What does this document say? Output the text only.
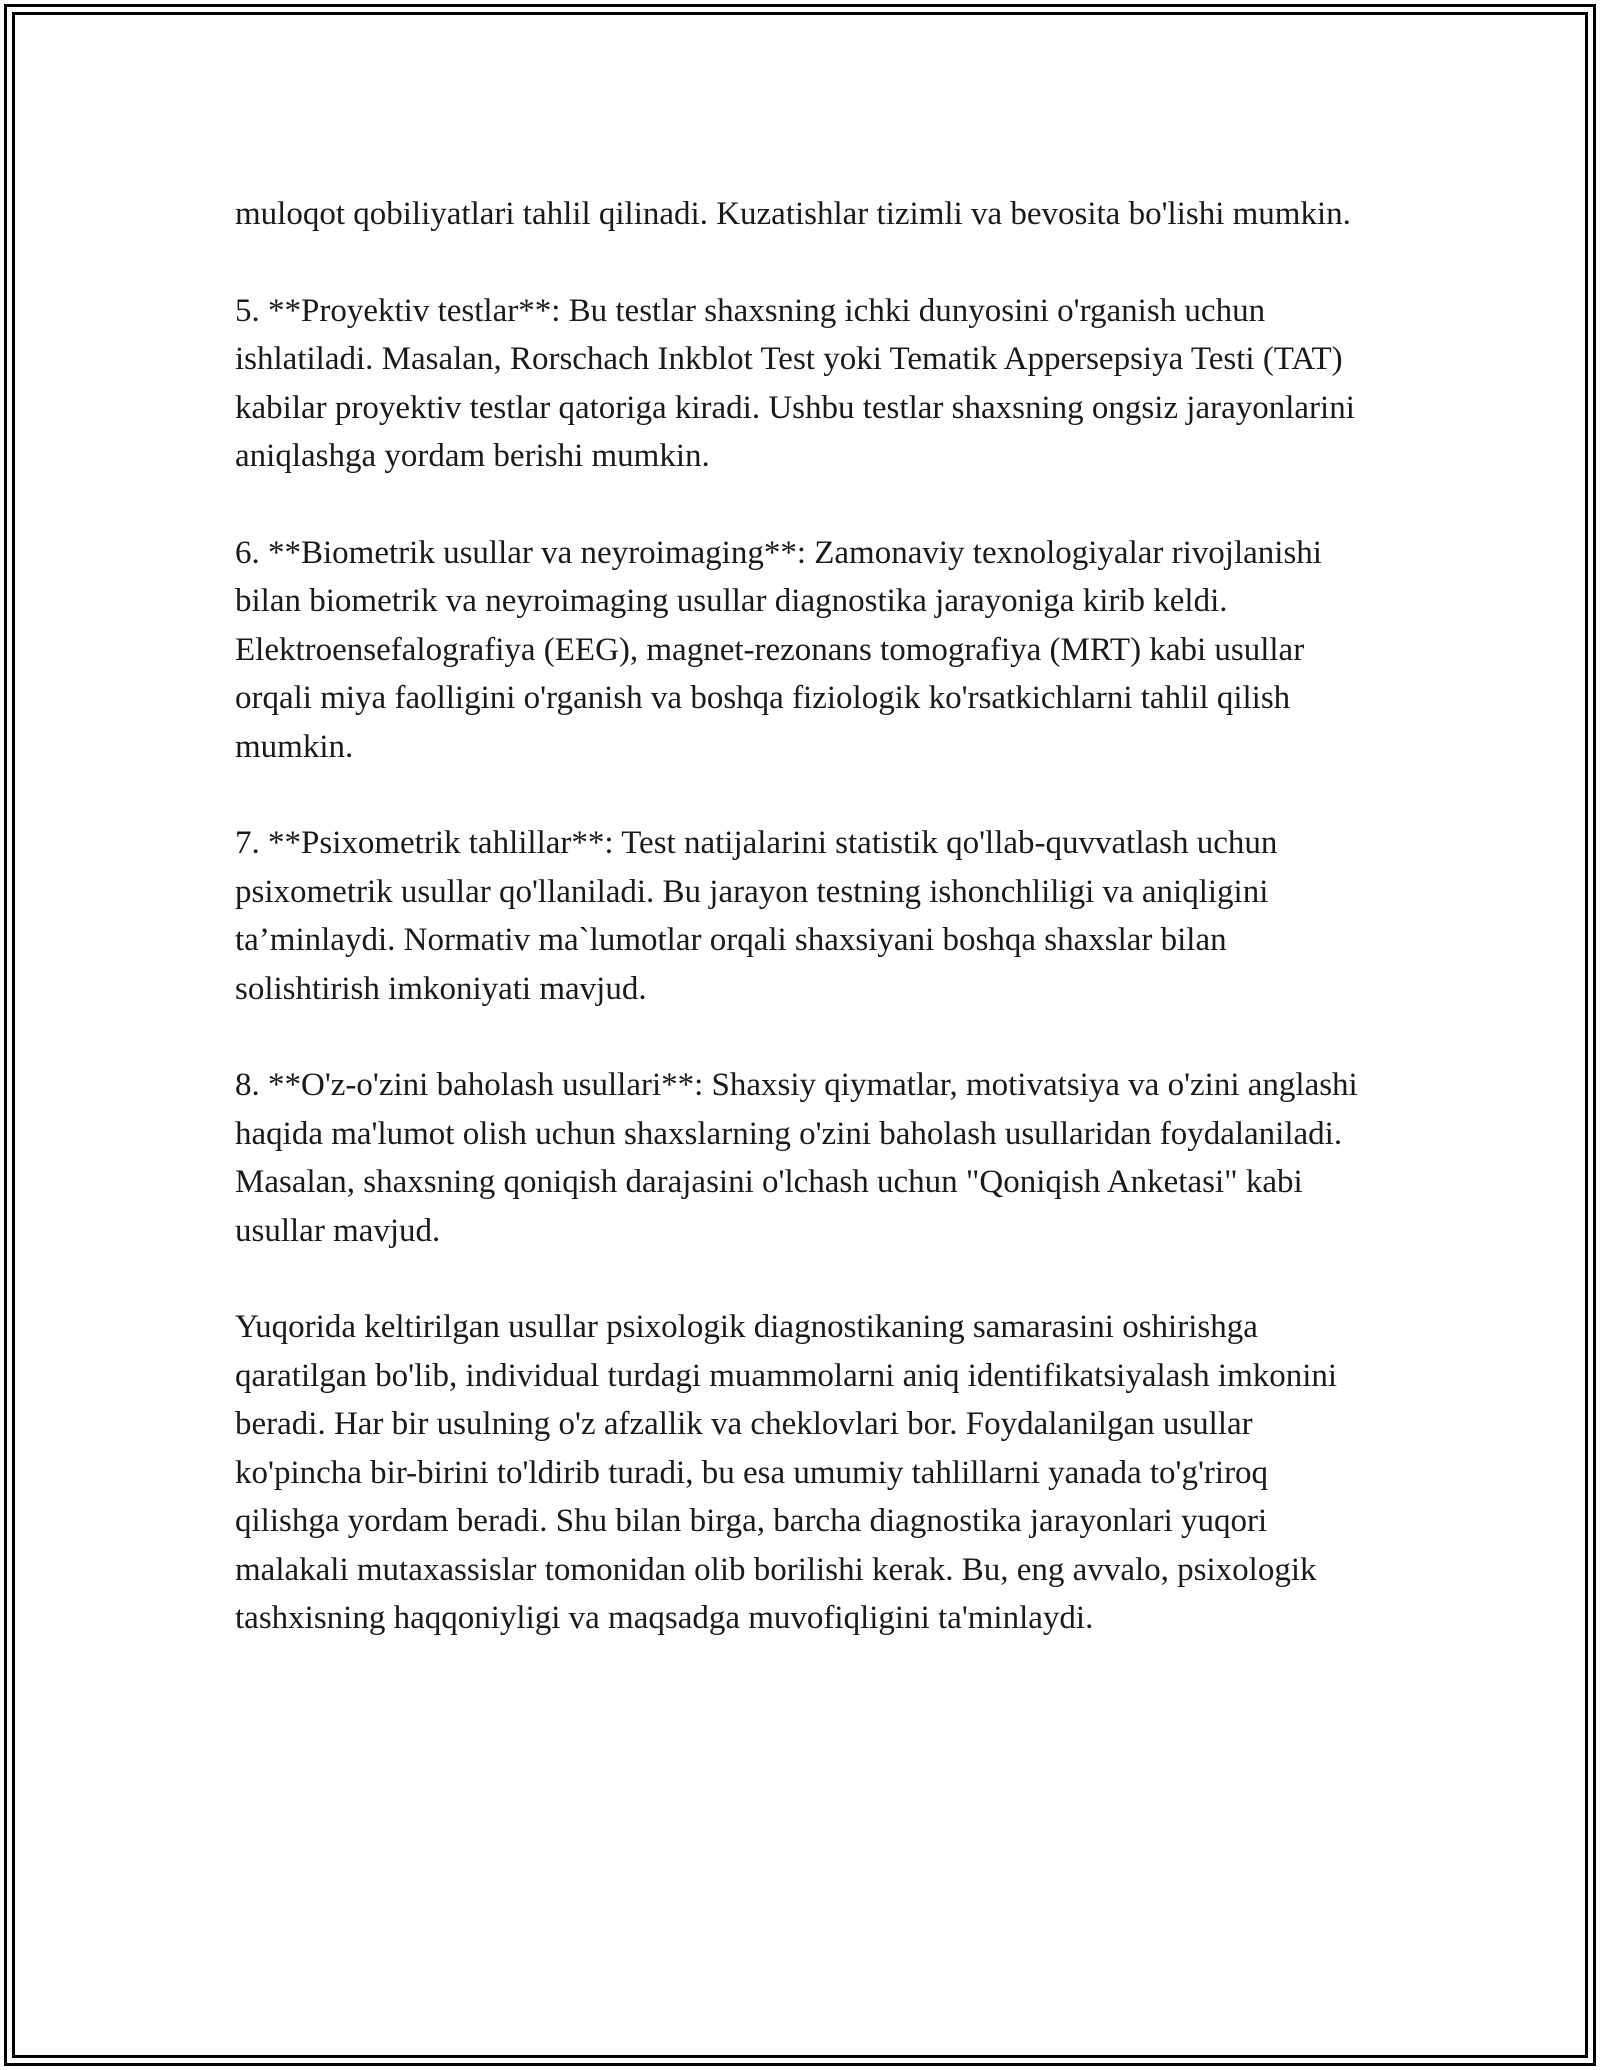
muloqot qobiliyatlari tahlil qilinadi. Kuzatishlar tizimli va bevosita bo'lishi mumkin.

5. **Proyektiv testlar**: Bu testlar shaxsning ichki dunyosini o'rganish uchun ishlatiladi. Masalan, Rorschach Inkblot Test yoki Tematik Appersepsiya Testi (TAT) kabilar proyektiv testlar qatoriga kiradi. Ushbu testlar shaxsning ongsiz jarayonlarini aniqlashga yordam berishi mumkin.

6. **Biometrik usullar va neyroimaging**: Zamonaviy texnologiyalar rivojlanishi bilan biometrik va neyroimaging usullar diagnostika jarayoniga kirib keldi. Elektroensefalografiya (EEG), magnet-rezonans tomografiya (MRT) kabi usullar orqali miya faolligini o'rganish va boshqa fiziologik ko'rsatkichlarni tahlil qilish mumkin.

7. **Psixometrik tahlillar**: Test natijalarini statistik qo'llab-quvvatlash uchun psixometrik usullar qo'llaniladi. Bu jarayon testning ishonchliligi va aniqligini ta’minlaydi. Normativ ma`lumotlar orqali shaxsiyani boshqa shaxslar bilan solishtirish imkoniyati mavjud.

8. **O'z-o'zini baholash usullari**: Shaxsiy qiymatlar, motivatsiya va o'zini anglashi haqida ma'lumot olish uchun shaxslarning o'zini baholash usullaridan foydalaniladi. Masalan, shaxsning qoniqish darajasini o'lchash uchun "Qoniqish Anketasi" kabi usullar mavjud.

Yuqorida keltirilgan usullar psixologik diagnostikaning samarasini oshirishga qaratilgan bo'lib, individual turdagi muammolarni aniq identifikatsiyalash imkonini beradi. Har bir usulning o'z afzallik va cheklovlari bor. Foydalanilgan usullar ko'pincha bir-birini to'ldirib turadi, bu esa umumiy tahlillarni yanada to'g'riroq qilishga yordam beradi. Shu bilan birga, barcha diagnostika jarayonlari yuqori malakali mutaxassislar tomonidan olib borilishi kerak. Bu, eng avvalo, psixologik tashxisning haqqoniyligi va maqsadga muvofiqligini ta'minlaydi.
